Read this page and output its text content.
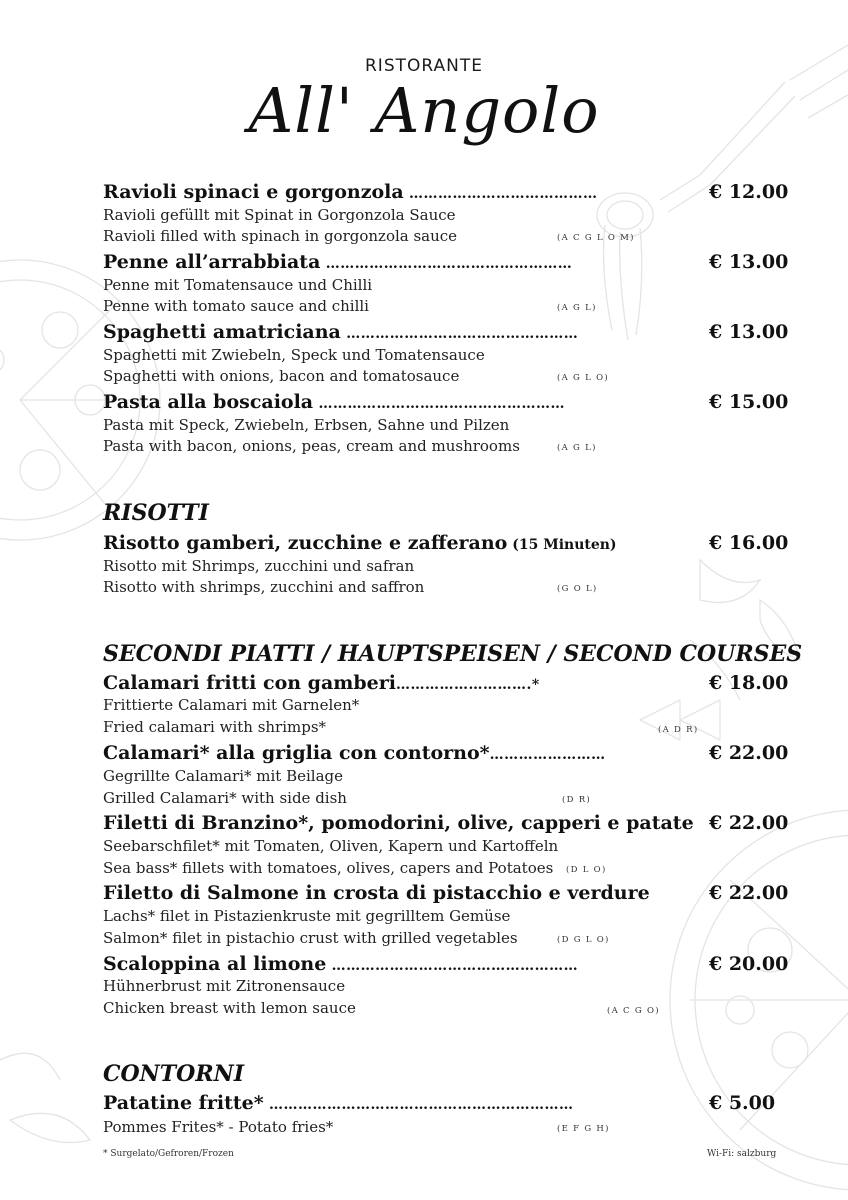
RISTORANTE
All' Angolo
Ravioli spinaci e gorgonzola …………………………………	€ 12.00
Ravioli gefüllt mit Spinat in Gorgonzola Sauce
Ravioli filled with spinach in gorgonzola sauce	(A C G L O M)
Penne all’arrabbiata ……………………………………………	€ 13.00
Penne mit Tomatensauce und Chilli
Penne with tomato sauce and chilli	(A G L)
Spaghetti amatriciana …………………………………………	€ 13.00
Spaghetti mit Zwiebeln, Speck und Tomatensauce
Spaghetti with onions, bacon and tomatosauce	(A G L O)
Pasta alla boscaiola ……………………………………………	€ 15.00
Pasta mit Speck, Zwiebeln, Erbsen, Sahne und Pilzen
Pasta with bacon, onions, peas, cream and mushrooms	(A G L)
RISOTTI
Risotto gamberi, zucchine e zafferano (15 Minuten)	€ 16.00
Risotto mit Shrimps, zucchini und safran
Risotto with shrimps, zucchini and saffron	(G O L)
SECONDI PIATTI / HAUPTSPEISEN / SECOND COURSES
Calamari fritti con gamberi……………………….*	€ 18.00
Frittierte Calamari mit Garnelen*
Fried calamari with shrimps*	(A D R)
Calamari* alla griglia con contorno*……………………	€ 22.00
Gegrillte Calamari* mit Beilage
Grilled Calamari* with side dish	(D R)
Filetti di Branzino*, pomodorini, olive, capperi e patate € 22.00
Seebarschfilet* mit Tomaten, Oliven, Kapern und Kartoffeln
Sea bass* fillets with tomatoes, olives, capers and Potatoes (D L O)
Filetto di Salmone in crosta di pistacchio e verdure	€ 22.00
Lachs* filet in Pistazienkruste mit gegrilltem Gemüse
Salmon* filet in pistachio crust with grilled vegetables	(D G L O)
Scaloppina al limone ……………………………………………	€ 20.00
Hühnerbrust mit Zitronensauce
Chicken breast with lemon sauce	(A C G O)
CONTORNI
Patatine fritte* ………………………………………………………	€ 5.00
Pommes Frites* - Potato fries*	(E F G H)
* Surgelato/Gefroren/Frozen	Wi-Fi: salzburg
